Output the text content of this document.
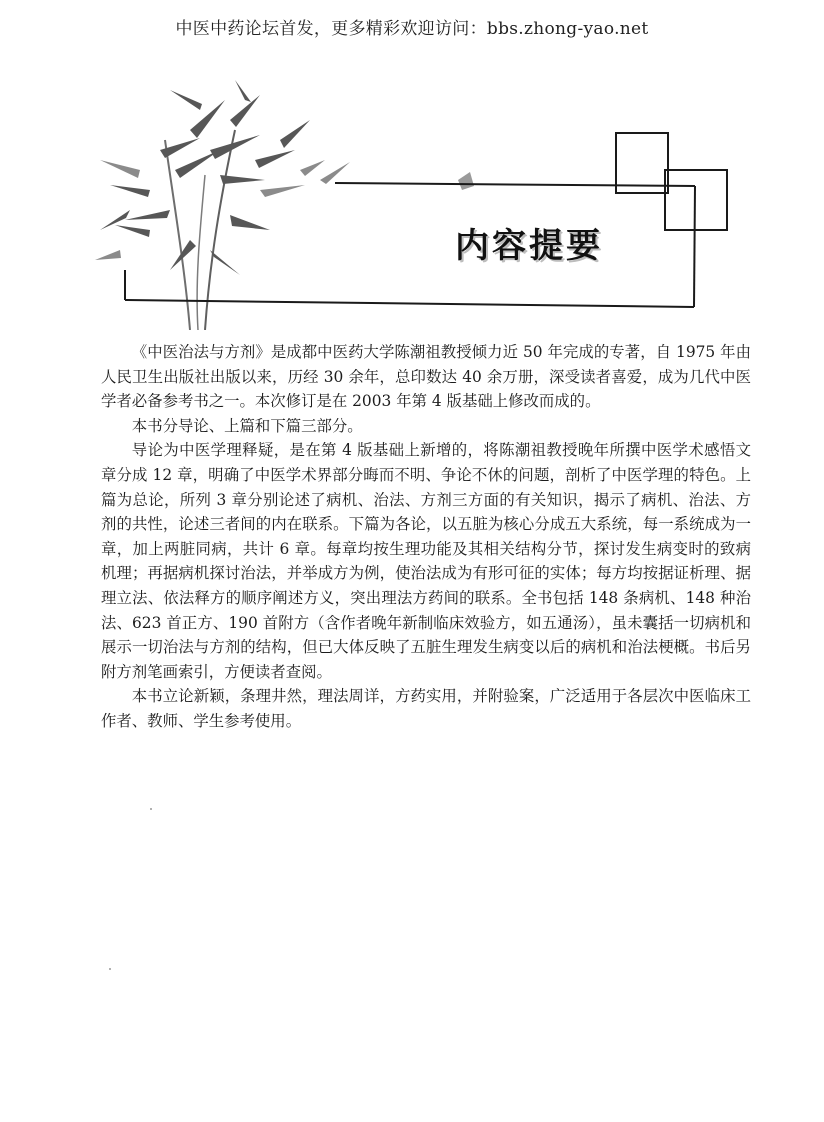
中医中药论坛首发，更多精彩欢迎访问：bbs.zhong-yao.net
内容提要

《中医治法与方剂》是成都中医药大学陈潮祖教授倾力近 50 年完成的专著，自 1975 年由人民卫生出版社出版以来，历经 30 余年，总印数达 40 余万册，深受读者喜爱，成为几代中医学者必备参考书之一。本次修订是在 2003 年第 4 版基础上修改而成的。

本书分导论、上篇和下篇三部分。

导论为中医学理释疑，是在第 4 版基础上新增的，将陈潮祖教授晚年所撰中医学术感悟文章分成 12 章，明确了中医学术界部分晦而不明、争论不休的问题，剖析了中医学理的特色。上篇为总论，所列 3 章分别论述了病机、治法、方剂三方面的有关知识，揭示了病机、治法、方剂的共性，论述三者间的内在联系。下篇为各论，以五脏为核心分成五大系统，每一系统成为一章，加上两脏同病，共计 6 章。每章均按生理功能及其相关结构分节，探讨发生病变时的致病机理；再据病机探讨治法，并举成方为例，使治法成为有形可征的实体；每方均按据证析理、据理立法、依法释方的顺序阐述方义，突出理法方药间的联系。全书包括 148 条病机、148 种治法、623 首正方、190 首附方（含作者晚年新制临床效验方，如五通汤），虽未囊括一切病机和展示一切治法与方剂的结构，但已大体反映了五脏生理发生病变以后的病机和治法梗概。书后另附方剂笔画索引，方便读者查阅。

本书立论新颖，条理井然，理法周详，方药实用，并附验案，广泛适用于各层次中医临床工作者、教师、学生参考使用。
